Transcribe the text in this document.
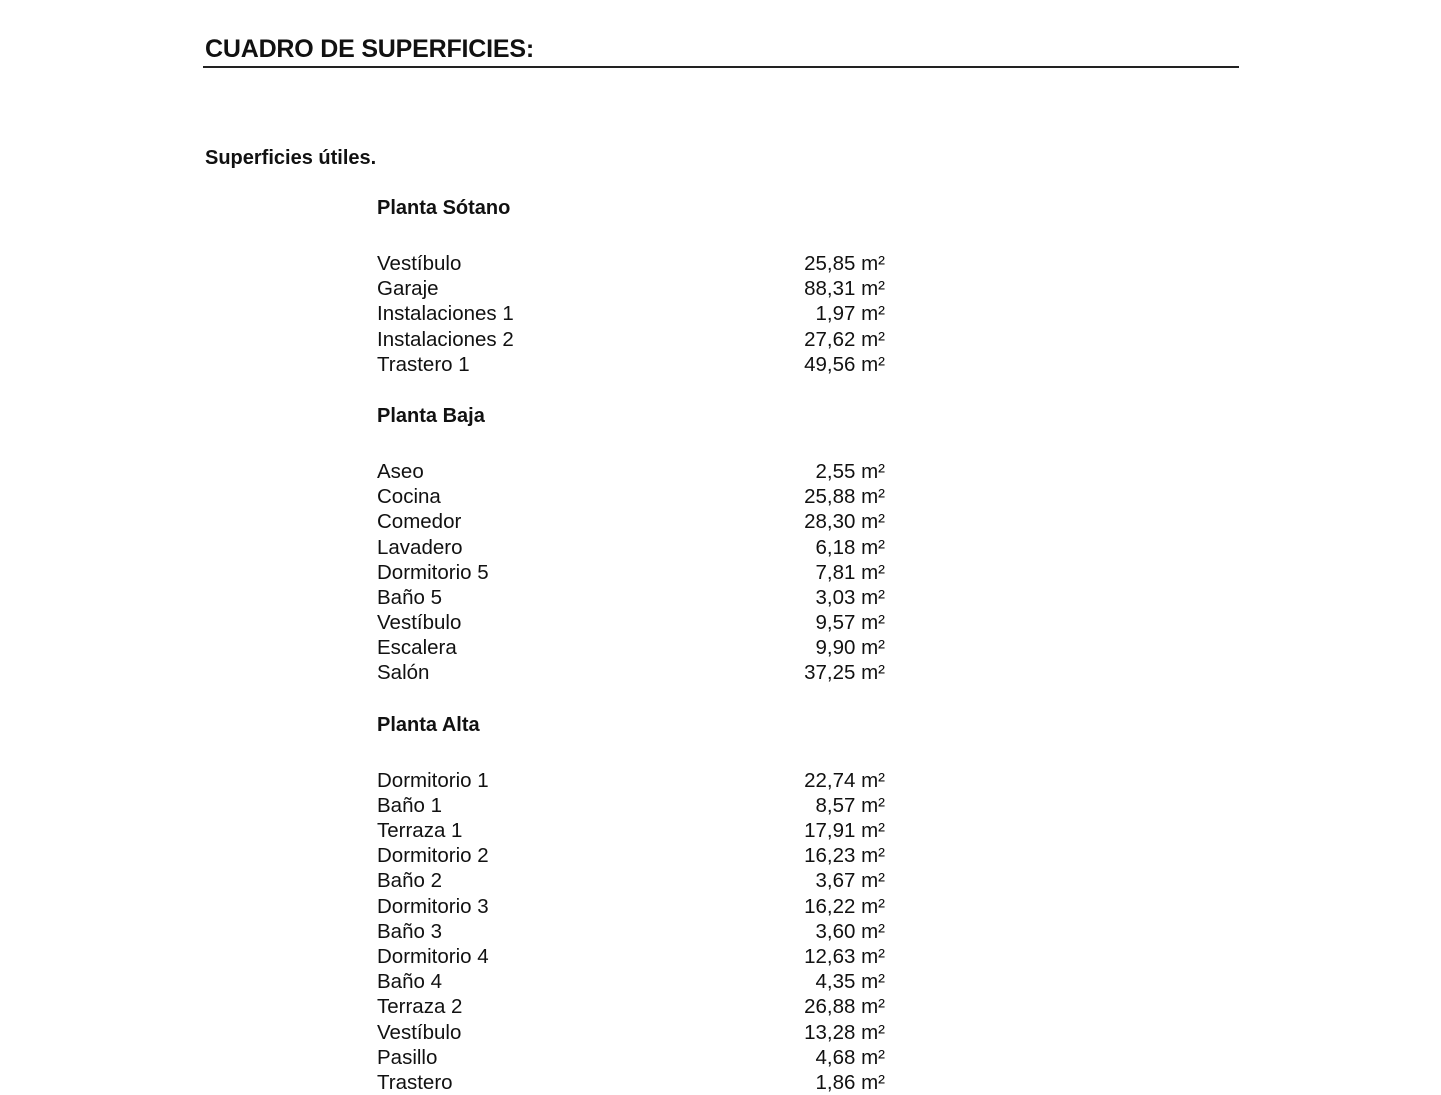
CUADRO DE SUPERFICIES:
Superficies útiles.
Planta Sótano
Vestíbulo	25,85 m²
Garaje	88,31 m²
Instalaciones 1	1,97 m²
Instalaciones 2	27,62 m²
Trastero 1	49,56 m²
Planta Baja
Aseo	2,55 m²
Cocina	25,88 m²
Comedor	28,30 m²
Lavadero	6,18 m²
Dormitorio 5	7,81 m²
Baño 5	3,03 m²
Vestíbulo	9,57 m²
Escalera	9,90 m²
Salón	37,25 m²
Planta Alta
Dormitorio 1	22,74 m²
Baño 1	8,57 m²
Terraza 1	17,91 m²
Dormitorio 2	16,23 m²
Baño 2	3,67 m²
Dormitorio 3	16,22 m²
Baño 3	3,60 m²
Dormitorio 4	12,63 m²
Baño 4	4,35 m²
Terraza 2	26,88 m²
Vestíbulo	13,28 m²
Pasillo	4,68 m²
Trastero	1,86 m²
